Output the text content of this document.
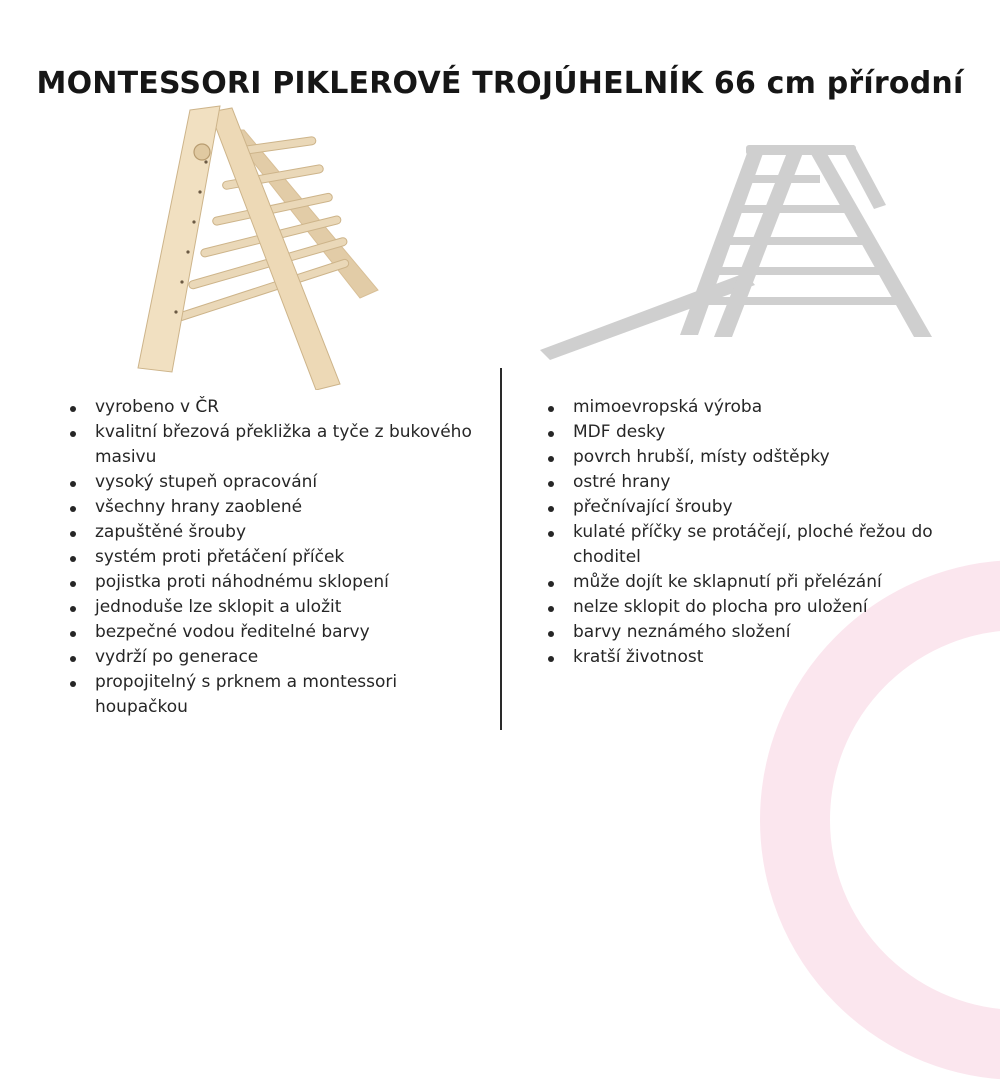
MONTESSORI PIKLEROVÉ TROJÚHELNÍK 66 cm přírodní
vyrobeno v ČR
kvalitní březová překližka a tyče z bukového masivu
vysoký stupeň opracování
všechny hrany zaoblené
zapuštěné šrouby
systém proti přetáčení příček
pojistka proti náhodnému sklopení
jednoduše lze sklopit a uložit
bezpečné vodou ředitelné barvy
vydrží po generace
propojitelný s prknem a montessori houpačkou
mimoevropská výroba
MDF desky
povrch hrubší, místy odštěpky
ostré hrany
přečnívající šrouby
kulaté příčky se protáčejí, ploché řežou do choditel
může dojít ke sklapnutí při přelézání
nelze sklopit do plocha pro uložení
barvy neznámého složení
kratší životnost
